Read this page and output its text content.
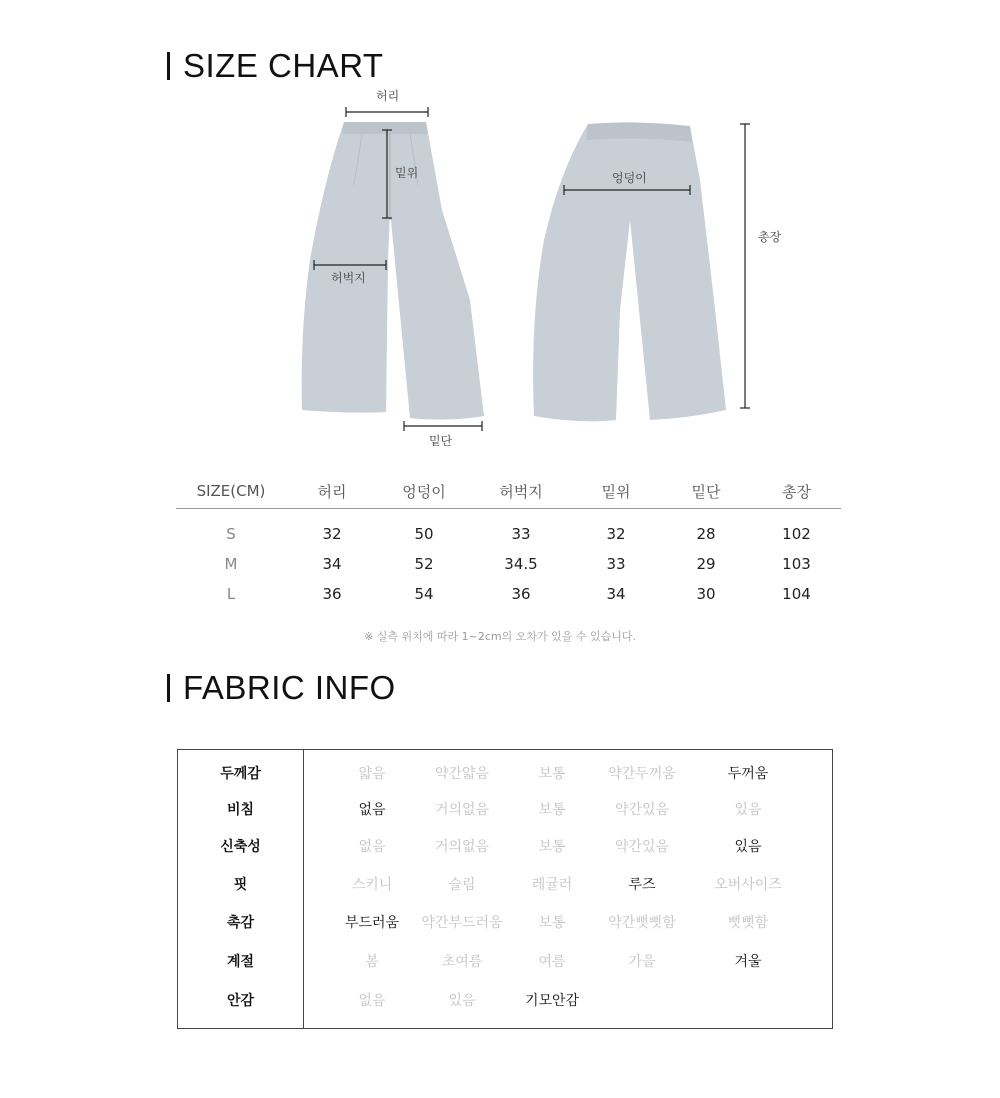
SIZE CHART
허리
밑위
허벅지
밑단
엉덩이
총장
SIZE(CM)	허리	엉덩이	허벅지	밑위	밑단	총장
S	32	50	33	32	28	102
M	34	52	34.5	33	29	103
L	36	54	36	34	30	104
※ 실측 위치에 따라 1~2cm의 오차가 있을 수 있습니다.
FABRIC INFO
두께감	얇음	약간얇음	보통	약간두꺼움	두꺼움
비침	없음	거의없음	보통	약간있음	있음
신축성	없음	거의없음	보통	약간있음	있음
핏	스키니	슬림	레귤러	루즈	오버사이즈
촉감	부드러움	약간부드러움	보통	약간뻣뻣함	뻣뻣함
계절	봄	초여름	여름	가을	겨울
안감	없음	있음	기모안감
